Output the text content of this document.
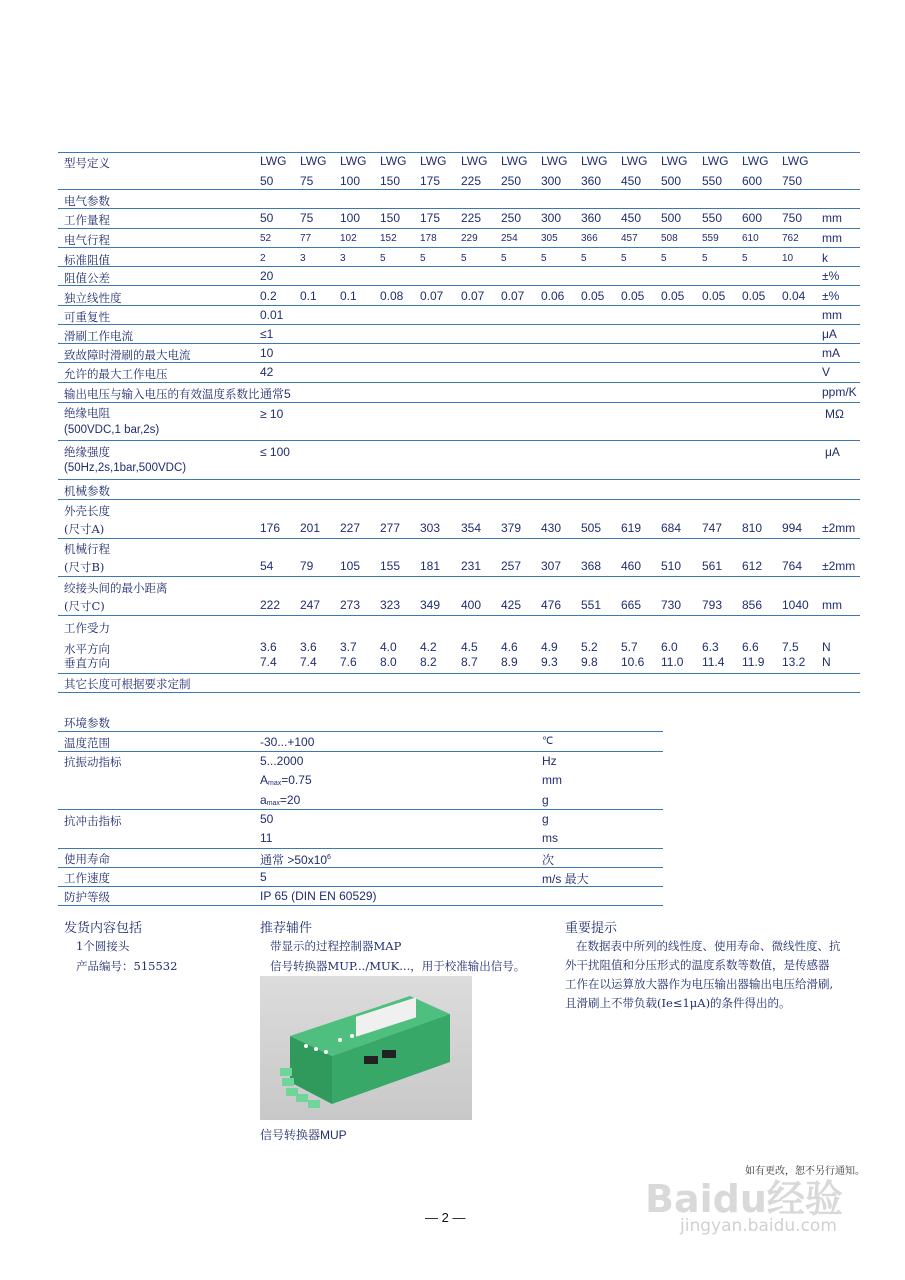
型号定义	LWG LWG LWG LWG LWG LWG LWG LWG LWG LWG LWG LWG LWG LWG
50 75 100 150 175 225 250 300 360 450 500 550 600 750
电气参数
工作量程	50 75 100 150 175 225 250 300 360 450 500 550 600 750 mm
电气行程	52	77	102 152 178 229 254 305 366 457 508 559 610 762 mm
标准阻值	2	3	3	5	5	5	5	5	5	5	5	5	5	10 k
阻值公差	20	±%
独立线性度	0.2 0.1 0.1 0.08 0.07 0.07 0.07 0.06 0.05 0.05 0.05 0.05 0.05 0.04 ±%
可重复性	0.01	mm
滑刷工作电流	≤1	μA
致故障时滑刷的最大电流	10	mA
允许的最大工作电压	42	V
输出电压与输入电压的有效温度系数比 通常5	ppm/K
绝缘电阻
(500VDC,1 bar,2s)
≥ 10	MΩ
绝缘强度
(50Hz,2s,1bar,500VDC)
≤ 100	μA
机械参数
外壳长度
(尺寸A)	176 201 227 277 303 354 379 430 505 619 684 747 810 994 ±2mm
机械行程
(尺寸B)	54 79 105 155 181 231 257 307 368 460 510 561 612 764 ±2mm
绞接头间的最小距离
(尺寸C)	222 247 273 323 349 400 425 476 551 665 730 793 856 1040 mm
工作受力
水平方向	3.6 3.6 3.7 4.0 4.2 4.5 4.6 4.9 5.2 5.7 6.0 6.3 6.6 7.5 N
垂直方向	7.4 7.4 7.6 8.0 8.2 8.7 8.9 9.3 9.8 10.6 11.0 11.4 11.9 13.2 N
其它长度可根据要求定制
环境参数
温度范围	-30...+100	℃
抗振动指标	5...2000	Hz
$A_{max}=0.75$	mm
$a_{max}=20$	g
抗冲击指标	50	g
11	ms
使用寿命	通常 $>50x10^6$	次
工作速度	5	m/s 最大
防护等级	IP 65 (DIN EN 60529)
发货内容包括
1个圆接头
产品编号：515532
推荐辅件
带显示的过程控制器MAP
信号转换器MUP.../MUK...，用于校准输出信号。
信号转换器MUP
重要提示
在数据表中所列的线性度、使用寿命、微线性度、抗
外干扰阻值和分压形式的温度系数等数值，是传感器
工作在以运算放大器作为电压输出器输出电压给滑刷,
且滑刷上不带负载(Ie≤1μA)的条件得出的。
如有更改，恕不另行通知。
Baidu经验
jingyan.baidu.com
— 2 —
